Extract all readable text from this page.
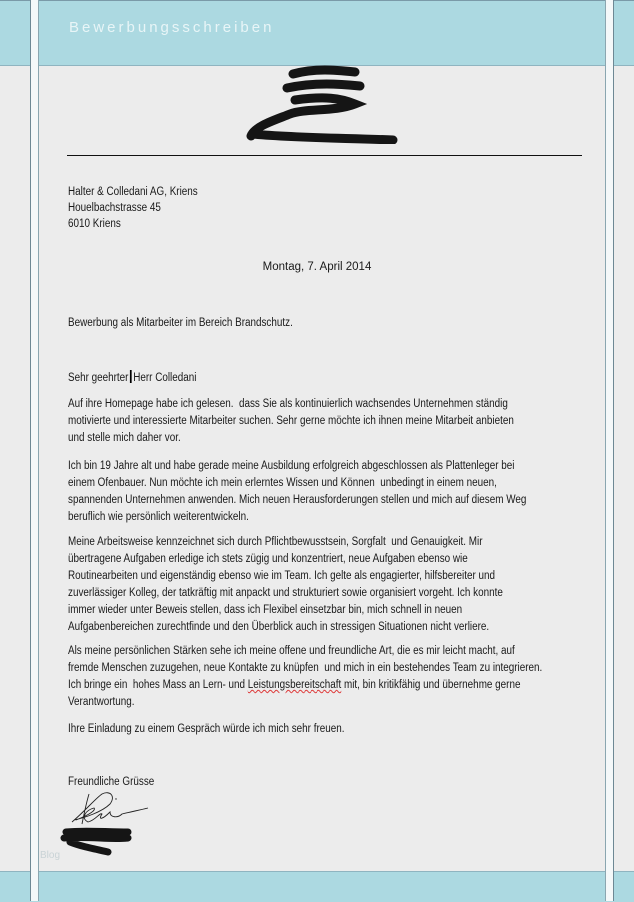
Bewerbungsschreiben
Halter & Colledani AG, Kriens
Houelbachstrasse 45
6010 Kriens
Montag, 7. April 2014
Bewerbung als Mitarbeiter im Bereich Brandschutz.
Sehr geehrter Herr Colledani
Auf ihre Homepage habe ich gelesen.  dass Sie als kontinuierlich wachsendes Unternehmen ständig
motivierte und interessierte Mitarbeiter suchen. Sehr gerne möchte ich ihnen meine Mitarbeit anbieten
und stelle mich daher vor.
Ich bin 19 Jahre alt und habe gerade meine Ausbildung erfolgreich abgeschlossen als Plattenleger bei
einem Ofenbauer. Nun möchte ich mein erlerntes Wissen und Können  unbedingt in einem neuen,
spannenden Unternehmen anwenden. Mich neuen Herausforderungen stellen und mich auf diesem Weg
beruflich wie persönlich weiterentwickeln.
Meine Arbeitsweise kennzeichnet sich durch Pflichtbewusstsein, Sorgfalt  und Genauigkeit. Mir
übertragene Aufgaben erledige ich stets zügig und konzentriert, neue Aufgaben ebenso wie
Routinearbeiten und eigenständig ebenso wie im Team. Ich gelte als engagierter, hilfsbereiter und
zuverlässiger Kolleg, der tatkräftig mit anpackt und strukturiert sowie organisiert vorgeht. Ich konnte
immer wieder unter Beweis stellen, dass ich Flexibel einsetzbar bin, mich schnell in neuen
Aufgabenbereichen zurechtfinde und den Überblick auch in stressigen Situationen nicht verliere.
Als meine persönlichen Stärken sehe ich meine offene und freundliche Art, die es mir leicht macht, auf
fremde Menschen zuzugehen, neue Kontakte zu knüpfen  und mich in ein bestehendes Team zu integrieren.
Ich bringe ein  hohes Mass an Lern- und Leistungsbereitschaft mit, bin kritikfähig und übernehme gerne
Verantwortung.
Ihre Einladung zu einem Gespräch würde ich mich sehr freuen.
Freundliche Grüsse
Blog
